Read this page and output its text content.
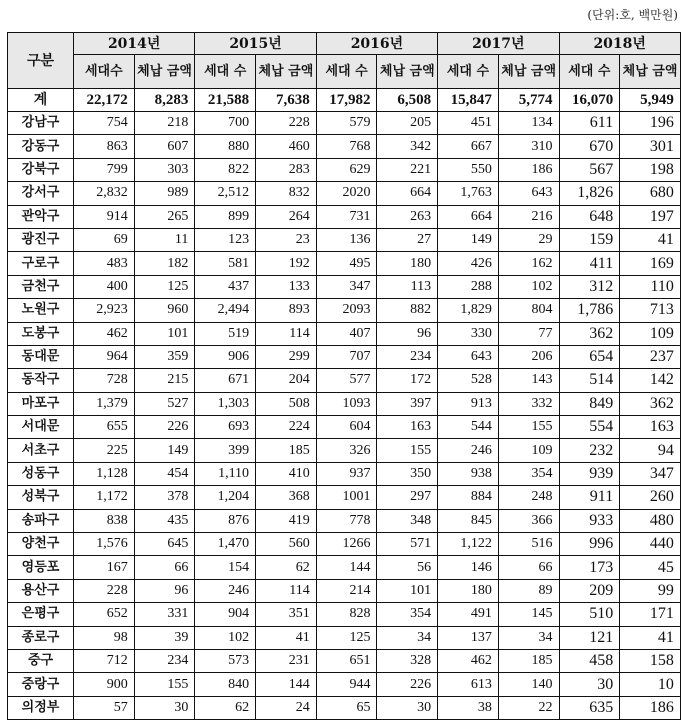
(단위:호, 백만원)
구분	2014년		2015년		2016년		2017년		2018년	
	세대수	체납 금액	세대 수	체납 금액	세대 수	체납 금액	세대 수	체납 금액	세대 수	체납 금액
계	22,172	8,283	21,588	7,638	17,982	6,508	15,847	5,774	16,070	5,949
강남구	754	218	700	228	579	205	451	134	611	196
강동구	863	607	880	460	768	342	667	310	670	301
강북구	799	303	822	283	629	221	550	186	567	198
강서구	2,832	989	2,512	832	2020	664	1,763	643	1,826	680
관악구	914	265	899	264	731	263	664	216	648	197
광진구	69	11	123	23	136	27	149	29	159	41
구로구	483	182	581	192	495	180	426	162	411	169
금천구	400	125	437	133	347	113	288	102	312	110
노원구	2,923	960	2,494	893	2093	882	1,829	804	1,786	713
도봉구	462	101	519	114	407	96	330	77	362	109
동대문	964	359	906	299	707	234	643	206	654	237
동작구	728	215	671	204	577	172	528	143	514	142
마포구	1,379	527	1,303	508	1093	397	913	332	849	362
서대문	655	226	693	224	604	163	544	155	554	163
서초구	225	149	399	185	326	155	246	109	232	94
성동구	1,128	454	1,110	410	937	350	938	354	939	347
성북구	1,172	378	1,204	368	1001	297	884	248	911	260
송파구	838	435	876	419	778	348	845	366	933	480
양천구	1,576	645	1,470	560	1266	571	1,122	516	996	440
영등포	167	66	154	62	144	56	146	66	173	45
용산구	228	96	246	114	214	101	180	89	209	99
은평구	652	331	904	351	828	354	491	145	510	171
종로구	98	39	102	41	125	34	137	34	121	41
중구	712	234	573	231	651	328	462	185	458	158
중랑구	900	155	840	144	944	226	613	140	30	10
의정부	57	30	62	24	65	30	38	22	635	186
